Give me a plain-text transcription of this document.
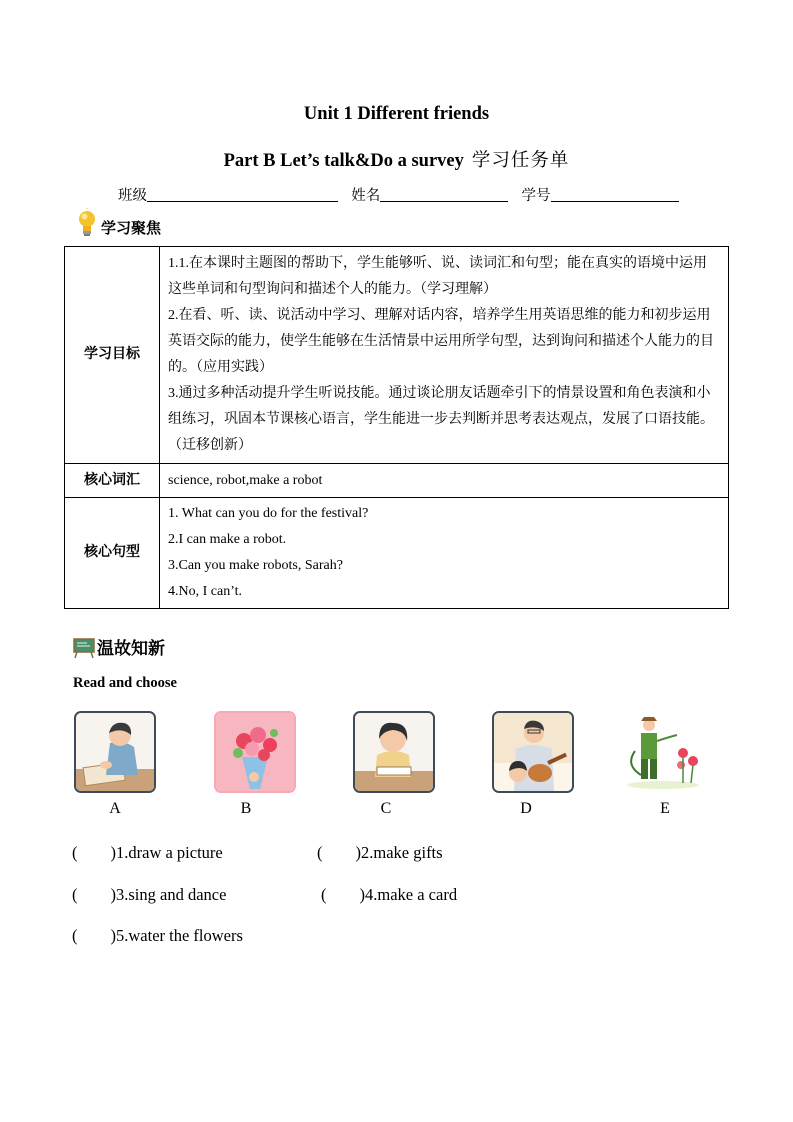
Unit 1 Different friends
Part B Let’s talk&Do a survey 学习任务单
班级	姓名	学号
学习聚焦
学习目标	1.1.在本课时主题图的帮助下，学生能够听、说、读词汇和句型；能在真实的语境中运用这些单词和句型询问和描述个人的能力。（学习理解）
2.在看、听、读、说活动中学习、理解对话内容，培养学生用英语思维的能力和初步运用英语交际的能力，使学生能够在生活情景中运用所学句型，达到询问和描述个人能力的目的。（应用实践）
3.通过多种活动提升学生听说技能。通过谈论朋友话题牵引下的情景设置和角色表演和小组练习，巩固本节课核心语言，学生能进一步去判断并思考表达观点，发展了口语技能。（迁移创新）

核心词汇	science, robot,make a robot
核心句型	1. What can you do for the festival?
2.I can make a robot.
3.Can you make robots, Sarah?
4.No, I can’t.
温故知新
Read and choose
A	B	C	D	E
(        )1.draw a picture	(        )2.make gifts
(        )3.sing and dance	(        )4.make a card
(        )5.water the flowers
